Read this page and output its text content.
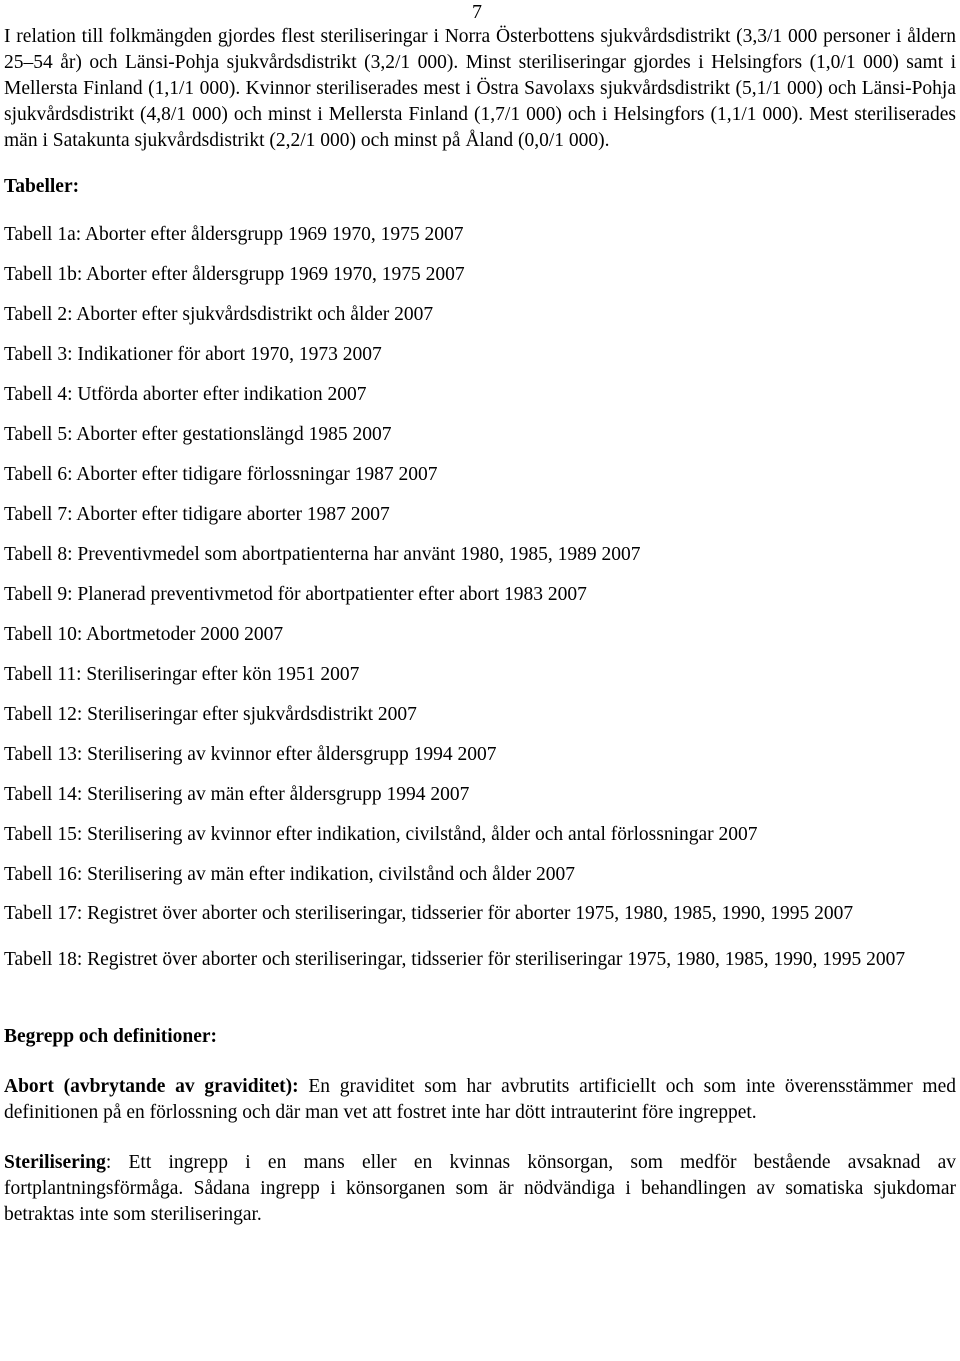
7

I relation till folkmängden gjordes flest steriliseringar i Norra Österbottens sjukvårdsdistrikt (3,3/1 000 personer i åldern 25–54 år) och Länsi-Pohja sjukvårdsdistrikt (3,2/1 000). Minst steriliseringar gjordes i Helsingfors (1,0/1 000) samt i Mellersta Finland (1,1/1 000). Kvinnor steriliserades mest i Östra Savolaxs sjukvårdsdistrikt (5,1/1 000) och Länsi-Pohja sjukvårdsdistrikt (4,8/1 000) och minst i Mellersta Finland (1,7/1 000) och i Helsingfors (1,1/1 000). Mest steriliserades män i Satakunta sjukvårdsdistrikt (2,2/1 000) och minst på Åland (0,0/1 000).

Tabeller:

Tabell 1a: Aborter efter åldersgrupp 1969 1970, 1975 2007
Tabell 1b: Aborter efter åldersgrupp 1969 1970, 1975 2007
Tabell 2: Aborter efter sjukvårdsdistrikt och ålder 2007
Tabell 3: Indikationer för abort 1970, 1973 2007
Tabell 4: Utförda aborter efter indikation 2007
Tabell 5: Aborter efter gestationslängd 1985 2007
Tabell 6: Aborter efter tidigare förlossningar 1987 2007
Tabell 7: Aborter efter tidigare aborter 1987 2007
Tabell 8: Preventivmedel som abortpatienterna har använt 1980, 1985, 1989 2007
Tabell 9: Planerad preventivmetod för abortpatienter efter abort 1983 2007
Tabell 10: Abortmetoder 2000 2007
Tabell 11: Steriliseringar efter kön 1951 2007
Tabell 12: Steriliseringar efter sjukvårdsdistrikt 2007
Tabell 13: Sterilisering av kvinnor efter åldersgrupp 1994 2007
Tabell 14: Sterilisering av män efter åldersgrupp 1994 2007
Tabell 15: Sterilisering av kvinnor efter indikation, civilstånd, ålder och antal förlossningar 2007
Tabell 16: Sterilisering av män efter indikation, civilstånd och ålder 2007
Tabell 17: Registret över aborter och steriliseringar, tidsserier för aborter 1975, 1980, 1985, 1990, 1995 2007
Tabell 18: Registret över aborter och steriliseringar, tidsserier för steriliseringar 1975, 1980, 1985, 1990, 1995 2007

Begrepp och definitioner:

Abort (avbrytande av graviditet): En graviditet som har avbrutits artificiellt och som inte överensstämmer med definitionen på en förlossning och där man vet att fostret inte har dött intrauterint före ingreppet.

Sterilisering: Ett ingrepp i en mans eller en kvinnas könsorgan, som medför bestående avsaknad av fortplantningsförmåga. Sådana ingrepp i könsorganen som är nödvändiga i behandlingen av somatiska sjukdomar betraktas inte som steriliseringar.
